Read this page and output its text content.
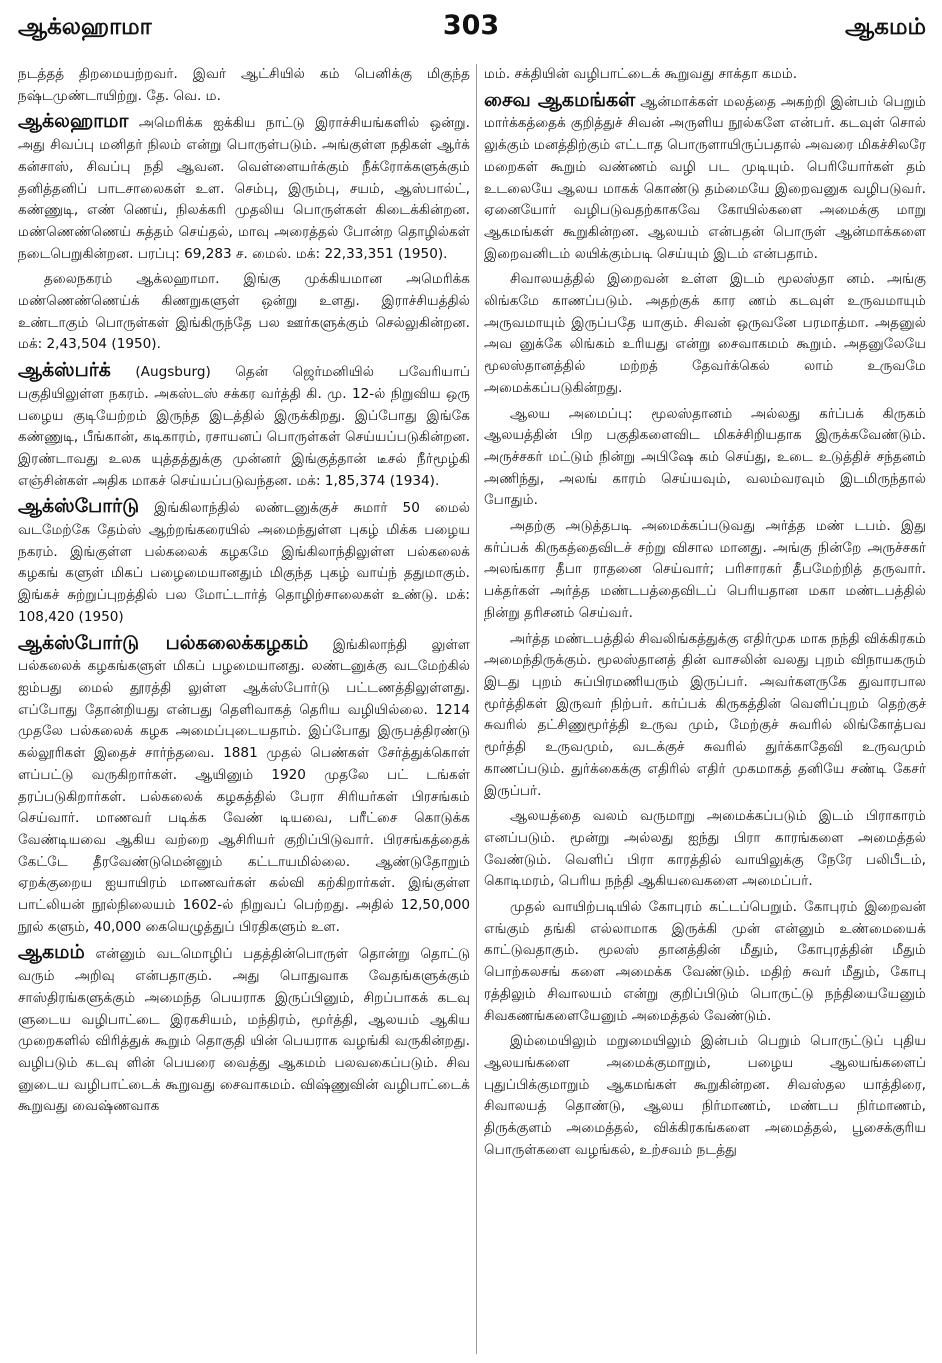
ஆக்லஹாமா	303	ஆகமம்

நடத்தத் திறமையற்றவர். இவர் ஆட்சியில் கம் பெனிக்கு மிகுந்த நஷ்டமுண்டாயிற்று. தே. வெ. ம.

ஆக்லஹாமா அமெரிக்க ஐக்கிய நாட்டு இராச்சியங்களில் ஒன்று. அது சிவப்பு மனிதர் நிலம் என்று பொருள்படும். அங்குள்ள நதிகள் ஆர்க் கன்சாஸ், சிவப்பு நதி ஆவன. வெள்ளையர்க்கும் நீக்ரோக்களுக்கும் தனித்தனிப் பாடசாலைகள் உள. செம்பு, இரும்பு, சயம், ஆஸ்பால்ட், கண்ணுடி, எண் ணெய், நிலக்கரி முதலிய பொருள்கள் கிடைக்கின்றன. மண்ணெண்ணெய் சுத்தம் செய்தல், மாவு அரைத்தல் போன்ற தொழில்கள் நடைபெறுகின்றன. பரப்பு: 69,283 ச. மைல். மக்: 22,33,351 (1950).

தலைநகரம் ஆக்லஹாமா. இங்கு முக்கியமான அமெரிக்க மண்ணெண்ணெய்க் கிணறுகளுள் ஒன்று உளது. இராச்சியத்தில் உண்டாகும் பொருள்கள் இங்கிருந்தே பல ஊர்களுக்கும் செல்லுகின்றன. மக்: 2,43,504 (1950).

ஆக்ஸ்பர்க் (Augsburg) தென் ஜெர்மனியில் பவேரியாப் பகுதியிலுள்ள நகரம். அகஸ்டஸ் சக்கர வர்த்தி கி. மு. 12-ல் நிறுவிய ஒரு பழைய குடியேற்றம் இருந்த இடத்தில் இருக்கிறது. இப்போது இங்கே கண்ணுடி, பீங்கான், கடிகாரம், ரசாயனப் பொருள்கள் செய்யப்படுகின்றன. இரண்டாவது உலக யுத்தத்துக்கு முன்னர் இங்குத்தான் டீசல் நீர்மூழ்கி எஞ்சின்கள் அதிக மாகச் செய்யப்படுவந்தன. மக்: 1,85,374 (1934).

ஆக்ஸ்போர்டு இங்கிலாந்தில் லண்டனுக்குச் சுமார் 50 மைல் வடமேற்கே தேம்ஸ் ஆற்றங்கரையில் அமைந்துள்ள புகழ் மிக்க பழைய நகரம். இங்குள்ள பல்கலைக் கழகமே இங்கிலாந்திலுள்ள பல்கலைக் கழகங் களுள் மிகப் பழைமையானதும் மிகுந்த புகழ் வாய்ந் ததுமாகும். இங்கச் சுற்றுப்புறத்தில் பல மோட்டார்த் தொழிற்சாலைகள் உண்டு. மக்: 108,420 (1950)

ஆக்ஸ்போர்டு பல்கலைக்கழகம் இங்கிலாந்தி லுள்ள பல்கலைக் கழகங்களுள் மிகப் பழமையானது. லண்டனுக்கு வடமேற்கில் ஐம்பது மைல் தூரத்தி லுள்ள ஆக்ஸ்போர்டு பட்டணத்திலுள்ளது. எப்போது தோன்றியது என்பது தெளிவாகத் தெரிய வழியில்லை. 1214 முதலே பல்கலைக் கழக அமைப்புடையதாம். இப்போது இருபத்திரண்டு கல்லூரிகள் இதைச் சார்ந்தவை. 1881 முதல் பெண்கள் சேர்த்துக்கொள் ளப்பட்டு வருகிறார்கள். ஆயினும் 1920 முதலே பட் டங்கள் தரப்படுகிறார்கள். பல்கலைக் கழகத்தில் பேரா சிரியர்கள் பிரசங்கம் செய்வார். மாணவர் படிக்க வேண் டியவை, பரீட்சை கொடுக்க வேண்டியவை ஆகிய வற்றை ஆசிரியர் குறிப்பிடுவார். பிரசங்கத்தைக் கேட்டே தீரவேண்டுமென்னும் கட்டாயமில்லை. ஆண்டுதோறும் ஏறக்குறைய ஐயாயிரம் மாணவர்கள் கல்வி கற்கிறார்கள். இங்குள்ள பாட்லியன் நூல்நிலையம் 1602-ல் நிறுவப் பெற்றது. அதில் 12,50,000 நூல் களும், 40,000 கையெழுத்துப் பிரதிகளும் உள.

ஆகமம் என்னும் வடமொழிப் பதத்தின்பொருள் தொன்று தொட்டு வரும் அறிவு என்பதாகும். அது பொதுவாக வேதங்களுக்கும் சாஸ்திரங்களுக்கும் அமைந்த பெயராக இருப்பினும், சிறப்பாகக் கடவு ளுடைய வழிபாட்டை இரகசியம், மந்திரம், மூர்த்தி, ஆலயம் ஆகிய முறைகளில் விரித்துக் கூறும் தொகுதி யின் பெயராக வழங்கி வருகின்றது. வழிபடும் கடவு ளின் பெயரை வைத்து ஆகமம் பலவகைப்படும். சிவ னுடைய வழிபாட்டைக் கூறுவது சைவாகமம். விஷ்ணுவின் வழிபாட்டைக் கூறுவது வைஷ்ணவாக

மம். சக்தியின் வழிபாட்டைக் கூறுவது சாக்தா கமம்.

சைவ ஆகமங்கள் ஆன்மாக்கள் மலத்தை அகற்றி இன்பம் பெறும் மார்க்கத்தைக் குறித்துச் சிவன் அருளிய நூல்களே என்பர். கடவுள் சொல் லுக்கும் மனத்திற்கும் எட்டாத பொருளாயிருப்பதால் அவரை மிகச்சிலரே மறைகள் கூறும் வண்ணம் வழி பட முடியும். பெரியோர்கள் தம் உடலையே ஆலய மாகக் கொண்டு தம்மையே இறைவனுக வழிபடுவர். ஏனையோர் வழிபடுவதற்காகவே கோயில்களை அமைக்கு மாறு ஆகமங்கள் கூறுகின்றன. ஆலயம் என்பதன் பொருள் ஆன்மாக்களை இறைவனிடம் லயிக்கும்படி செய்யும் இடம் என்பதாம்.

சிவாலயத்தில் இறைவன் உள்ள இடம் மூலஸ்தா னம். அங்கு லிங்கமே காணப்படும். அதற்குக் கார ணம் கடவுள் உருவமாயும் அருவமாயும் இருப்பதே யாகும். சிவன் ஒருவனே பரமாத்மா. அதனுல் அவ னுக்கே லிங்கம் உரியது என்று சைவாகமம் கூறும். அதனுலேயே மூலஸ்தானத்தில் மற்றத் தேவர்க்கெல் லாம் உருவமே அமைக்கப்படுகின்றது.

ஆலய அமைப்பு: மூலஸ்தானம் அல்லது கர்ப்பக் கிருகம் ஆலயத்தின் பிற பகுதிகளைவிட மிகச்சிறியதாக இருக்கவேண்டும். அருச்சகர் மட்டும் நின்று அபிஷே கம் செய்து, உடை உடுத்திச் சந்தனம் அணிந்து, அலங் காரம் செய்யவும், வலம்வரவும் இடமிருந்தால் போதும்.

அதற்கு அடுத்தபடி அமைக்கப்படுவது அர்த்த மண் டபம். இது கர்ப்பக் கிருகத்தைவிடச் சற்று விசால மானது. அங்கு நின்றே அருச்சகர் அலங்கார தீபா ராதனை செய்வார்; பரிசாரகர் தீபமேற்றித் தருவார். பக்தர்கள் அர்த்த மண்டபத்தைவிடப் பெரியதான மகா மண்டபத்தில் நின்று தரிசனம் செய்வர்.

அர்த்த மண்டபத்தில் சிவலிங்கத்துக்கு எதிர்முக மாக நந்தி விக்கிரகம் அமைந்திருக்கும். மூலஸ்தானத் தின் வாசலின் வலது புறம் விநாயகரும் இடது புறம் சுப்பிரமணியரும் இருப்பர். அவர்களருகே துவாரபால மூர்த்திகள் இருவர் நிற்பர். கர்ப்பக் கிருகத்தின் வெளிப்புறம் தெற்குச் சுவரில் தட்சிணுமூர்த்தி உருவ மும், மேற்குச் சுவரில் லிங்கோத்பவ மூர்த்தி உருவமும், வடக்குச் சுவரில் துர்க்காதேவி உருவமும் காணப்படும். துர்க்கைக்கு எதிரில் எதிர் முகமாகத் தனியே சண்டி கேசர் இருப்பர்.

ஆலயத்தை வலம் வருமாறு அமைக்கப்படும் இடம் பிராகாரம் எனப்படும். மூன்று அல்லது ஐந்து பிரா காரங்களை அமைத்தல் வேண்டும். வெளிப் பிரா காரத்தில் வாயிலுக்கு நேரே பலிபீடம், கொடிமரம், பெரிய நந்தி ஆகியவைகளை அமைப்பர்.

முதல் வாயிற்படியில் கோபுரம் கட்டப்பெறும். கோபுரம் இறைவன் எங்கும் தங்கி எல்லாமாக இருக்கி முன் என்னும் உண்மையைக் காட்டுவதாகும். மூலஸ் தானத்தின் மீதும், கோபுரத்தின் மீதும் பொற்கலசங் களை அமைக்க வேண்டும். மதிற் சுவர் மீதும், கோபு ரத்திலும் சிவாலயம் என்று குறிப்பிடும் பொருட்டு நந்தியையேனும் சிவகணங்களையேனும் அமைத்தல் வேண்டும்.

இம்மையிலும் மறுமையிலும் இன்பம் பெறும் பொருட்டுப் புதிய ஆலயங்களை அமைக்குமாறும், பழைய ஆலயங்களைப் புதுப்பிக்குமாறும் ஆகமங்கள் கூறுகின்றன. சிவஸ்தல யாத்திரை, சிவாலயத் தொண்டு, ஆலய நிர்மாணம், மண்டப நிர்மாணம், திருக்குளம் அமைத்தல், விக்கிரகங்களை அமைத்தல், பூசைக்குரிய பொருள்களை வழங்கல், உற்சவம் நடத்து
